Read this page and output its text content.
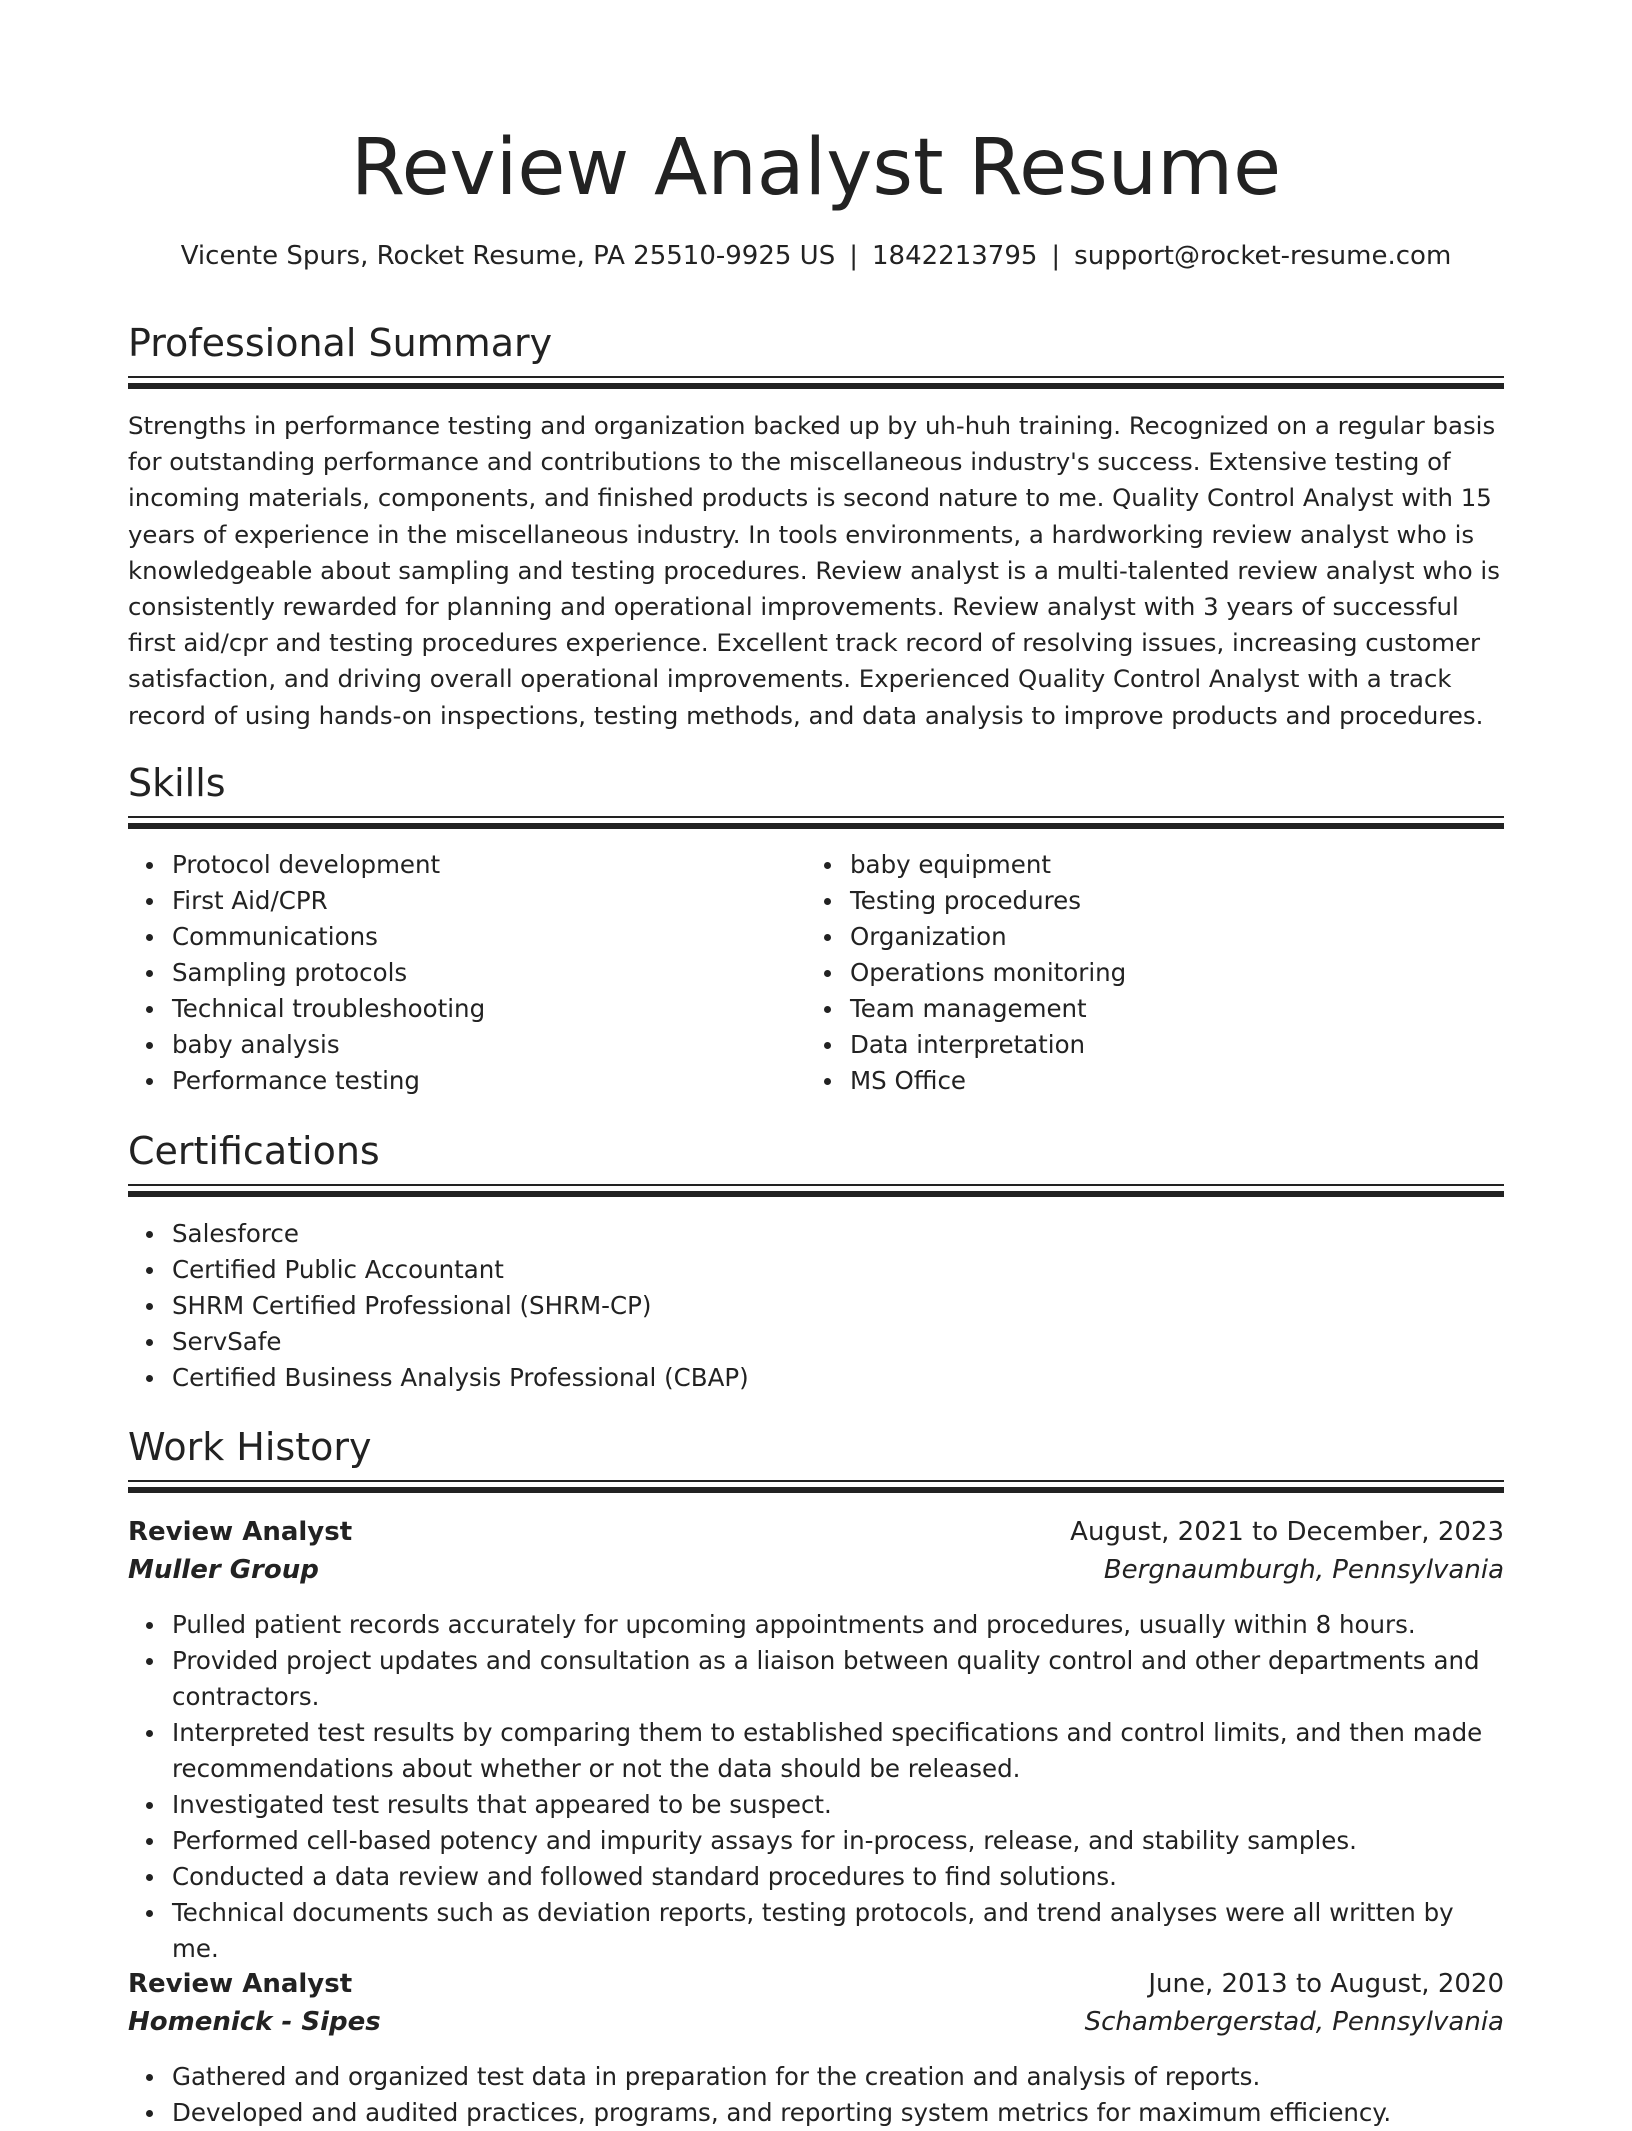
Review Analyst Resume
Vicente Spurs, Rocket Resume, PA 25510-9925 US | 1842213795 | support@rocket-resume.com
Professional Summary

Strengths in performance testing and organization backed up by uh-huh training. Recognized on a regular basis for outstanding performance and contributions to the miscellaneous industry's success. Extensive testing of incoming materials, components, and finished products is second nature to me. Quality Control Analyst with 15 years of experience in the miscellaneous industry. In tools environments, a hardworking review analyst who is knowledgeable about sampling and testing procedures. Review analyst is a multi-talented review analyst who is consistently rewarded for planning and operational improvements. Review analyst with 3 years of successful first aid/cpr and testing procedures experience. Excellent track record of resolving issues, increasing customer satisfaction, and driving overall operational improvements. Experienced Quality Control Analyst with a track record of using hands-on inspections, testing methods, and data analysis to improve products and procedures.

Skills
Protocol development
First Aid/CPR
Communications
Sampling protocols
Technical troubleshooting
baby analysis
Performance testing
baby equipment
Testing procedures
Organization
Operations monitoring
Team management
Data interpretation
MS Office
Certifications
Salesforce
Certified Public Accountant
SHRM Certified Professional (SHRM-CP)
ServSafe
Certified Business Analysis Professional (CBAP)
Work History
Review Analyst	August, 2021 to December, 2023
Muller Group	Bergnaumburgh, Pennsylvania
Pulled patient records accurately for upcoming appointments and procedures, usually within 8 hours.
Provided project updates and consultation as a liaison between quality control and other departments and contractors.
Interpreted test results by comparing them to established specifications and control limits, and then made recommendations about whether or not the data should be released.
Investigated test results that appeared to be suspect.
Performed cell-based potency and impurity assays for in-process, release, and stability samples.
Conducted a data review and followed standard procedures to find solutions.
Technical documents such as deviation reports, testing protocols, and trend analyses were all written by me.
Review Analyst	June, 2013 to August, 2020
Homenick - Sipes	Schambergerstad, Pennsylvania
Gathered and organized test data in preparation for the creation and analysis of reports.
Developed and audited practices, programs, and reporting system metrics for maximum efficiency.
